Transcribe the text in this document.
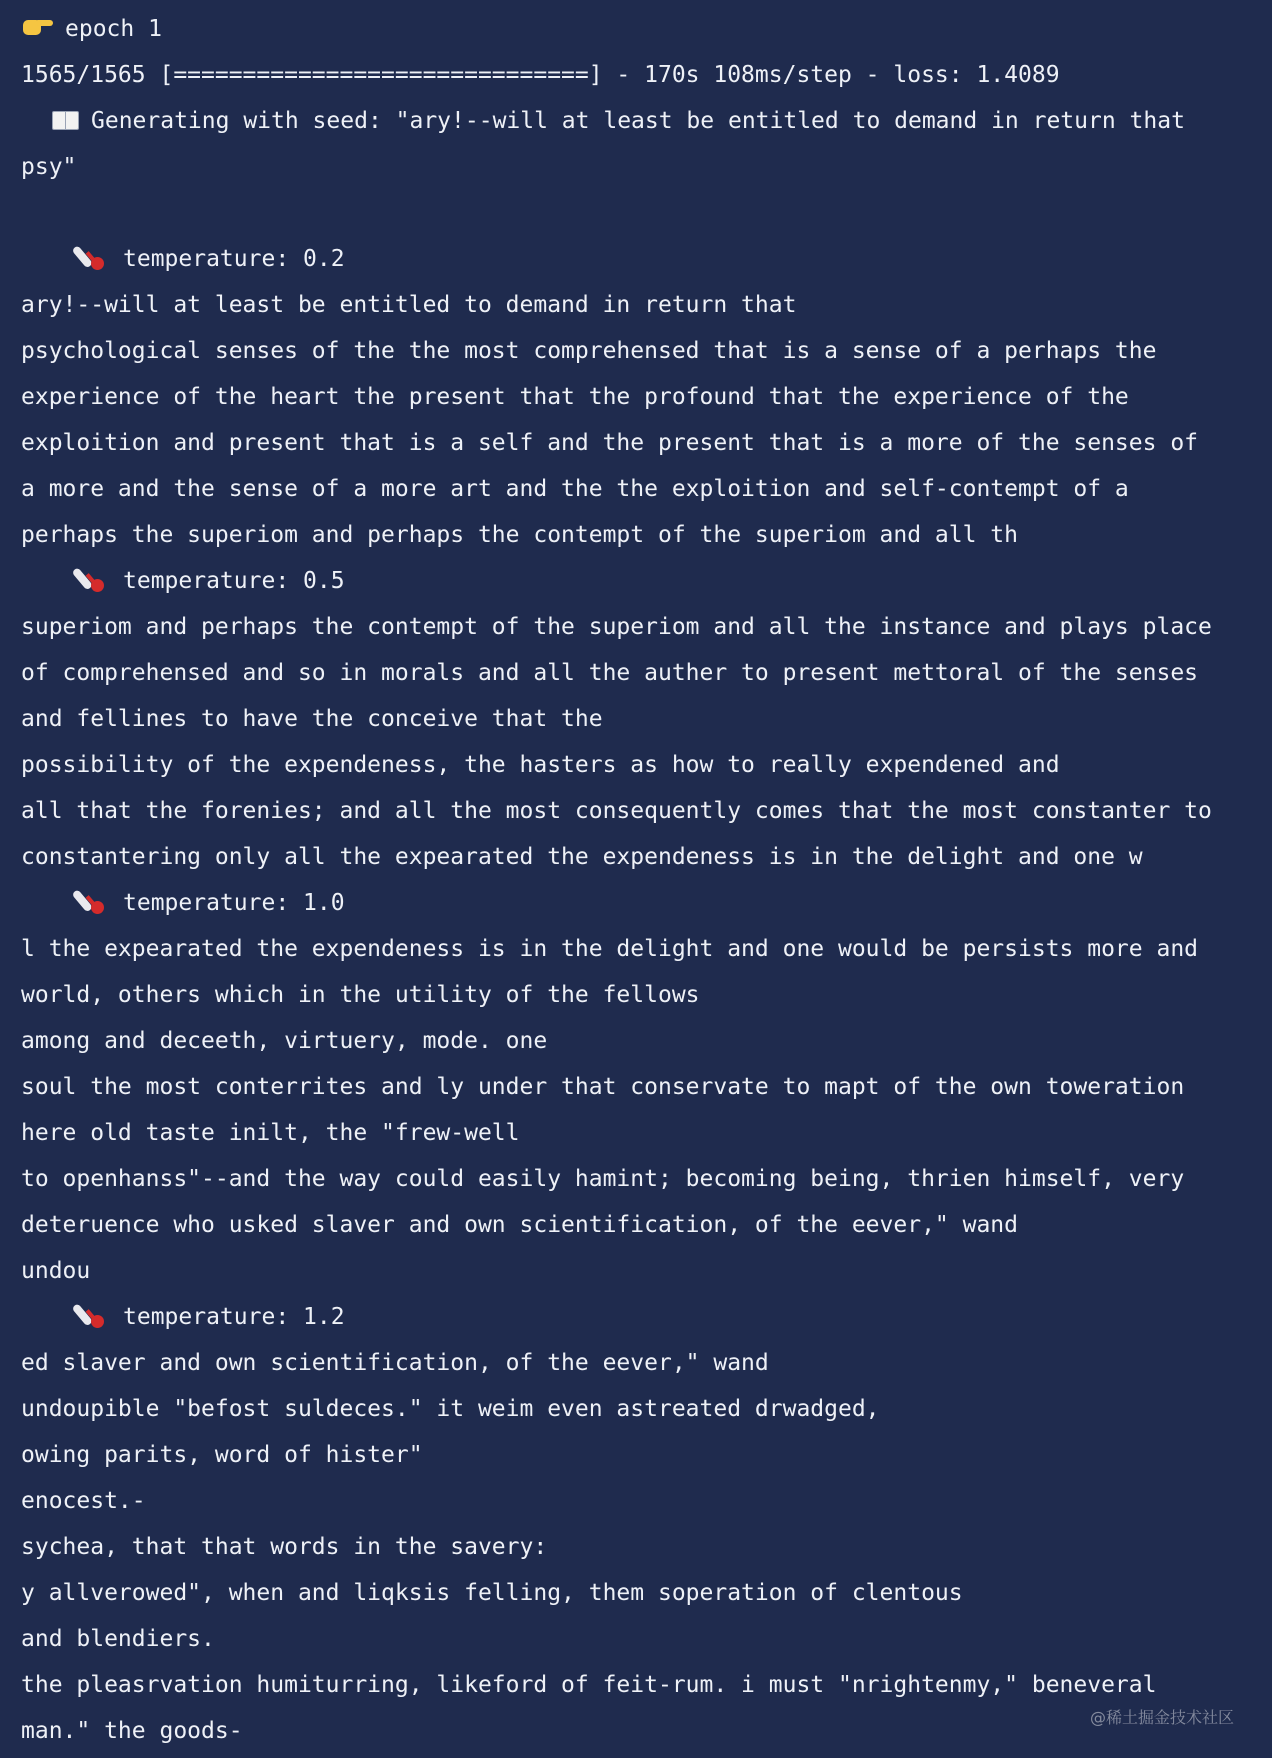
epoch 1
1565/1565 [==============================] - 170s 108ms/step - loss: 1.4089
Generating with seed: "ary!--will at least be entitled to demand in return that
psy"
temperature: 0.2
ary!--will at least be entitled to demand in return that
psychological senses of the the most comprehensed that is a sense of a perhaps the
experience of the heart the present that the profound that the experience of the
exploition and present that is a self and the present that is a more of the senses of
a more and the sense of a more art and the the exploition and self-contempt of a
perhaps the superiom and perhaps the contempt of the superiom and all th
temperature: 0.5
superiom and perhaps the contempt of the superiom and all the instance and plays place
of comprehensed and so in morals and all the auther to present mettoral of the senses
and fellines to have the conceive that the
possibility of the expendeness, the hasters as how to really expendened and
all that the forenies; and all the most consequently comes that the most constanter to
constantering only all the expearated the expendeness is in the delight and one w
temperature: 1.0
l the expearated the expendeness is in the delight and one would be persists more and
world, others which in the utility of the fellows
among and deceeth, virtuery, mode. one
soul the most conterrites and ly under that conservate to mapt of the own toweration
here old taste inilt, the "frew-well
to openhanss"--and the way could easily hamint; becoming being, thrien himself, very
deteruence who usked slaver and own scientification, of the eever," wand
undou
temperature: 1.2
ed slaver and own scientification, of the eever," wand
undoupible "befost suldeces." it weim even astreated drwadged,
owing parits, word of hister"
enocest.-
sychea, that that words in the savery:
y allverowed", when and liqksis felling, them soperation of clentous
and blendiers.
the pleasrvation humiturring, likeford of feit-rum. i must "nrightenmy," beneveral
man." the goods-
@稀土掘金技术社区
